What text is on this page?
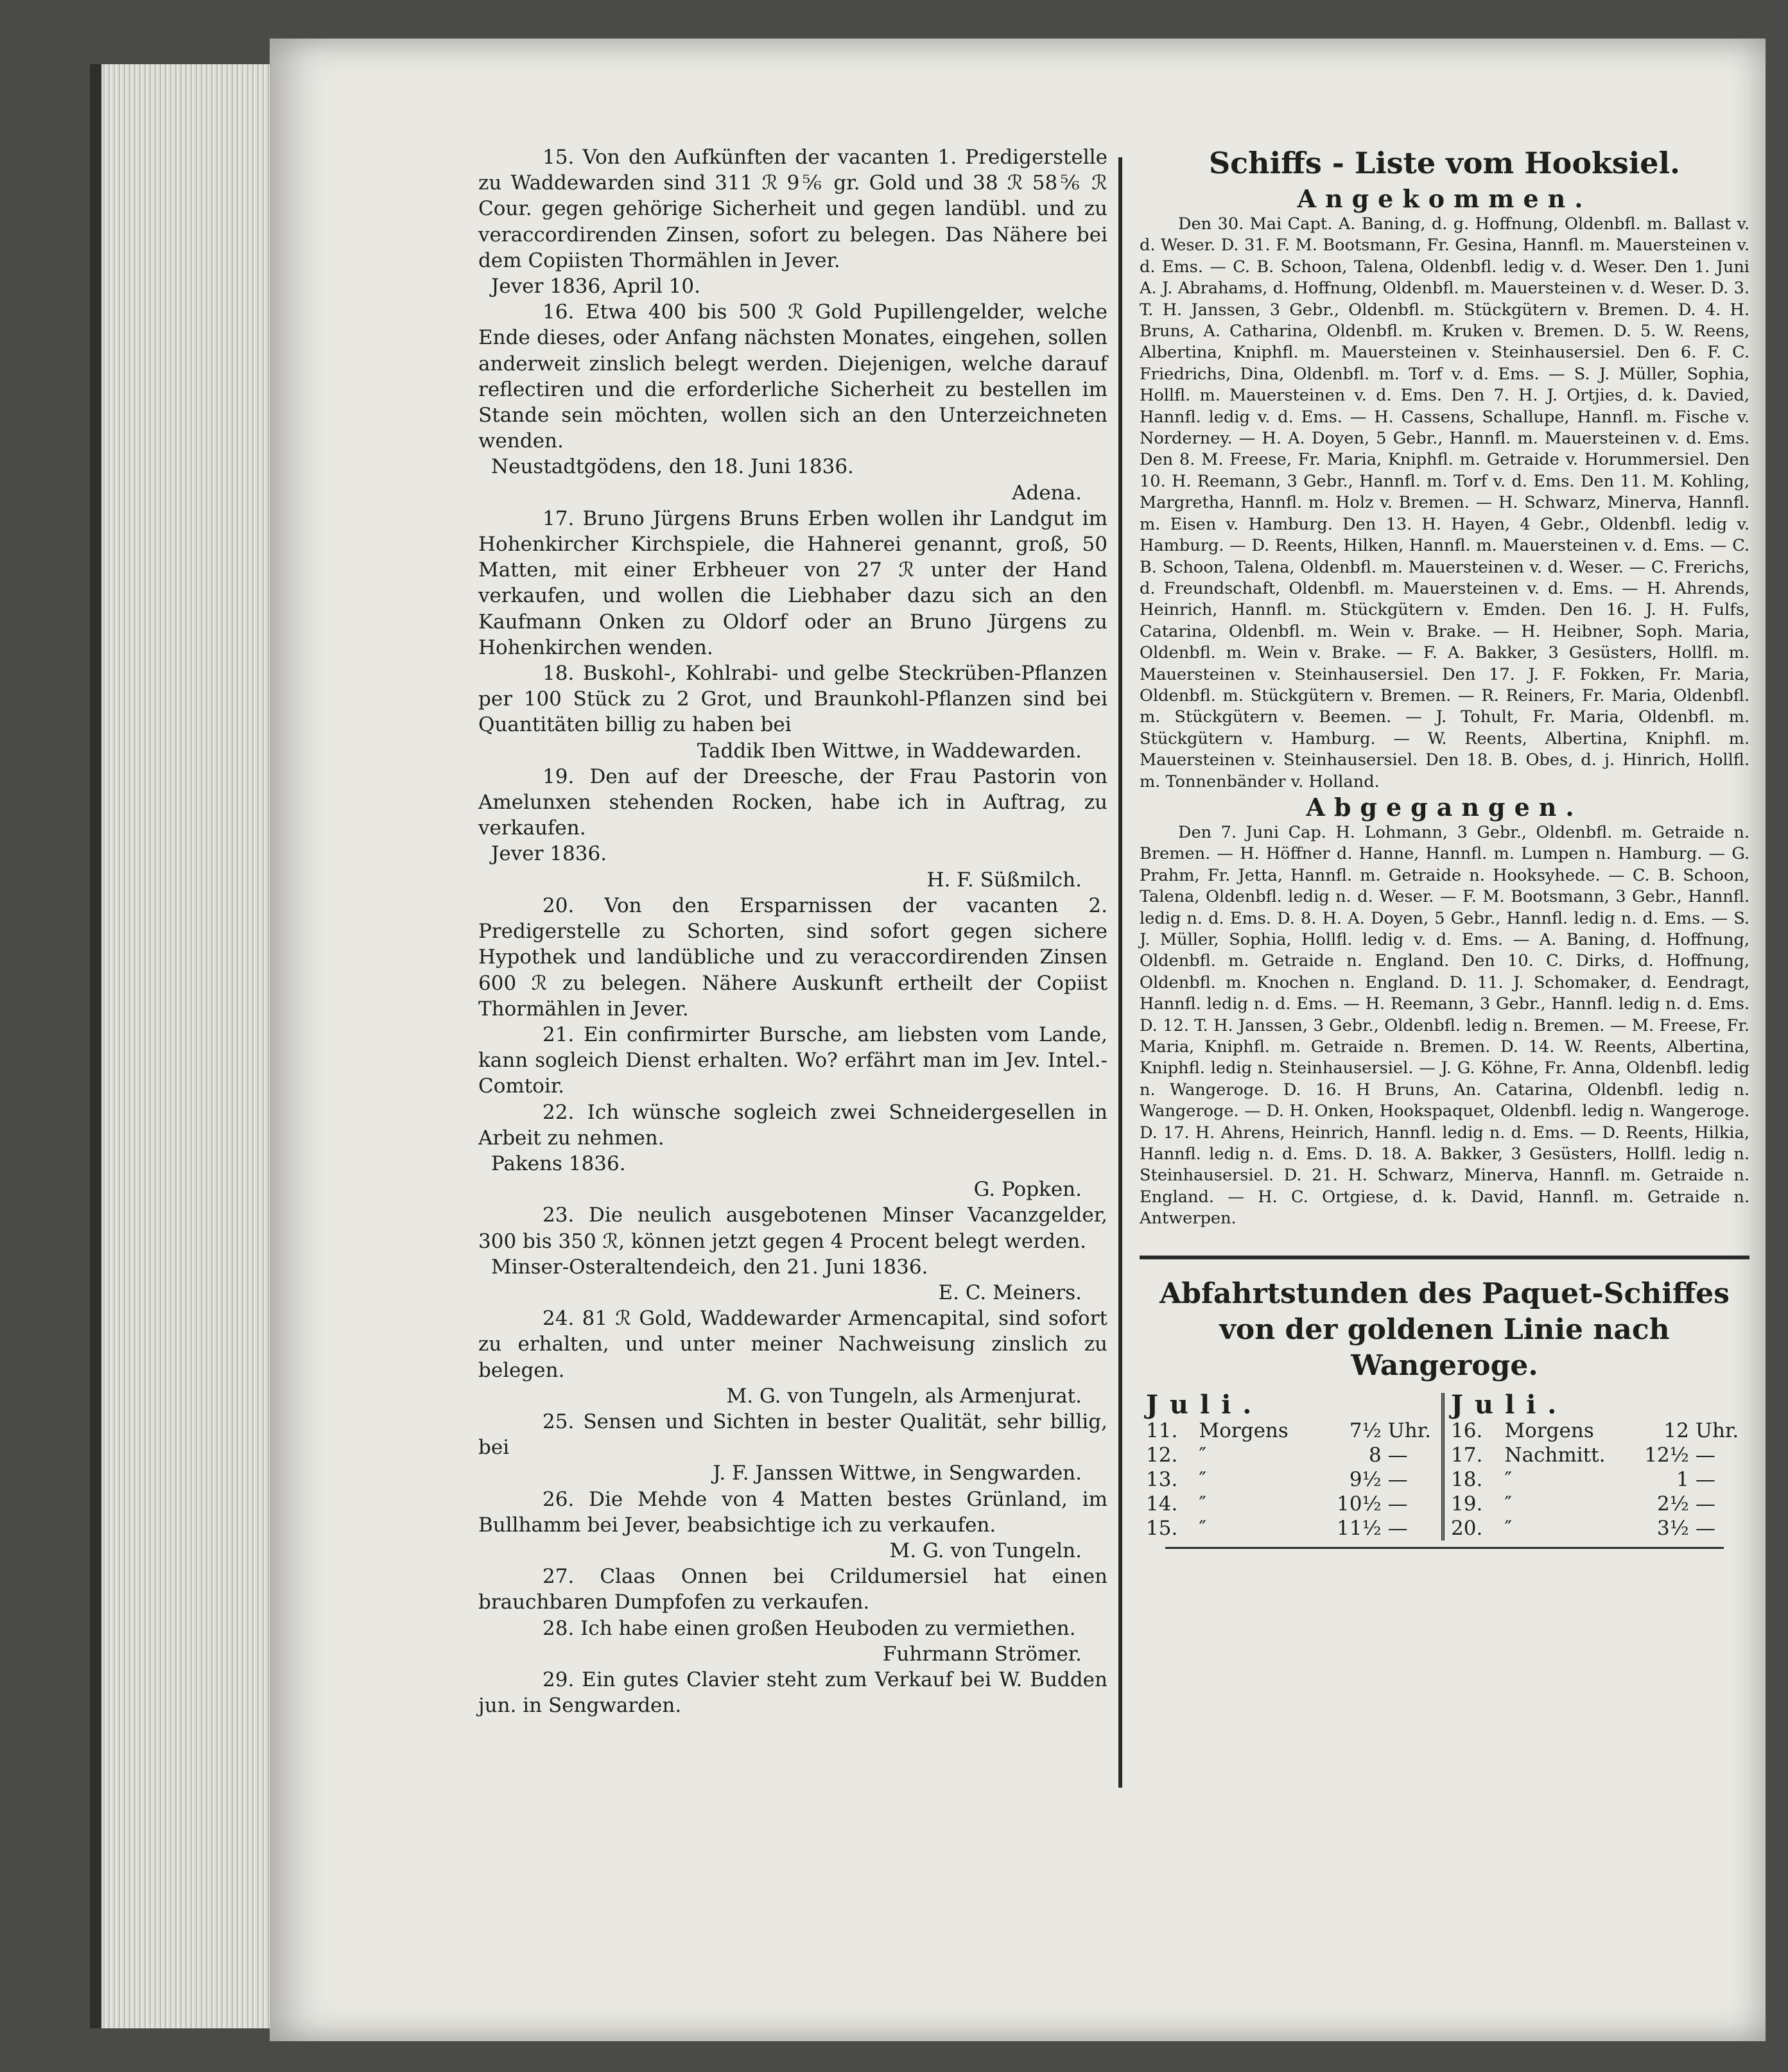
15. Von den Aufkünften der vacanten 1. Predigerstelle zu Waddewarden sind 311 ℛ 9⅚ gr. Gold und 38 ℛ 58⅚ ℛ Cour. gegen gehörige Sicherheit und gegen landübl. und zu veraccordirenden Zinsen, sofort zu belegen. Das Nähere bei dem Copiisten Thormählen in Jever.

Jever 1836, April 10.

16. Etwa 400 bis 500 ℛ Gold Pupillengelder, welche Ende dieses, oder Anfang nächsten Monates, eingehen, sollen anderweit zinslich belegt werden. Diejenigen, welche darauf reflectiren und die erforderliche Sicherheit zu bestellen im Stande sein möchten, wollen sich an den Unterzeichneten wenden.

Neustadtgödens, den 18. Juni 1836.

Adena.

17. Bruno Jürgens Bruns Erben wollen ihr Landgut im Hohenkircher Kirchspiele, die Hahnerei genannt, groß, 50 Matten, mit einer Erbheuer von 27 ℛ unter der Hand verkaufen, und wollen die Liebhaber dazu sich an den Kaufmann Onken zu Oldorf oder an Bruno Jürgens zu Hohenkirchen wenden.

18. Buskohl-, Kohlrabi- und gelbe Steckrüben-Pflanzen per 100 Stück zu 2 Grot, und Braunkohl-Pflanzen sind bei Quantitäten billig zu haben bei

Taddik Iben Wittwe, in Waddewarden.

19. Den auf der Dreesche, der Frau Pastorin von Amelunxen stehenden Rocken, habe ich in Auftrag, zu verkaufen.

Jever 1836.

H. F. Süßmilch.

20. Von den Ersparnissen der vacanten 2. Predigerstelle zu Schorten, sind sofort gegen sichere Hypothek und landübliche und zu veraccordirenden Zinsen 600 ℛ zu belegen. Nähere Auskunft ertheilt der Copiist Thormählen in Jever.

21. Ein confirmirter Bursche, am liebsten vom Lande, kann sogleich Dienst erhalten. Wo? erfährt man im Jev. Intel.-Comtoir.

22. Ich wünsche sogleich zwei Schneidergesellen in Arbeit zu nehmen.

Pakens 1836.

G. Popken.

23. Die neulich ausgebotenen Minser Vacanzgelder, 300 bis 350 ℛ, können jetzt gegen 4 Procent belegt werden.

Minser-Osteraltendeich, den 21. Juni 1836.

E. C. Meiners.

24. 81 ℛ Gold, Waddewarder Armencapital, sind sofort zu erhalten, und unter meiner Nachweisung zinslich zu belegen.

M. G. von Tungeln, als Armenjurat.

25. Sensen und Sichten in bester Qualität, sehr billig, bei

J. F. Janssen Wittwe, in Sengwarden.

26. Die Mehde von 4 Matten bestes Grünland, im Bullhamm bei Jever, beabsichtige ich zu verkaufen.

M. G. von Tungeln.

27. Claas Onnen bei Crildumersiel hat einen brauchbaren Dumpfofen zu verkaufen.

28. Ich habe einen großen Heuboden zu vermiethen.

Fuhrmann Strömer.

29. Ein gutes Clavier steht zum Verkauf bei W. Budden jun. in Sengwarden.

Schiffs - Liste vom Hooksiel.

Angekommen.

Den 30. Mai Capt. A. Baning, d. g. Hoffnung, Oldenbfl. m. Ballast v. d. Weser. D. 31. F. M. Bootsmann, Fr. Gesina, Hannfl. m. Mauersteinen v. d. Ems. — C. B. Schoon, Talena, Oldenbfl. ledig v. d. Weser. Den 1. Juni A. J. Abrahams, d. Hoffnung, Oldenbfl. m. Mauersteinen v. d. Weser. D. 3. T. H. Janssen, 3 Gebr., Oldenbfl. m. Stückgütern v. Bremen. D. 4. H. Bruns, A. Catharina, Oldenbfl. m. Kruken v. Bremen. D. 5. W. Reens, Albertina, Kniphfl. m. Mauersteinen v. Steinhausersiel. Den 6. F. C. Friedrichs, Dina, Oldenbfl. m. Torf v. d. Ems. — S. J. Müller, Sophia, Hollfl. m. Mauersteinen v. d. Ems. Den 7. H. J. Ortjies, d. k. Davied, Hannfl. ledig v. d. Ems. — H. Cassens, Schallupe, Hannfl. m. Fische v. Norderney. — H. A. Doyen, 5 Gebr., Hannfl. m. Mauersteinen v. d. Ems. Den 8. M. Freese, Fr. Maria, Kniphfl. m. Getraide v. Horummersiel. Den 10. H. Reemann, 3 Gebr., Hannfl. m. Torf v. d. Ems. Den 11. M. Kohling, Margretha, Hannfl. m. Holz v. Bremen. — H. Schwarz, Minerva, Hannfl. m. Eisen v. Hamburg. Den 13. H. Hayen, 4 Gebr., Oldenbfl. ledig v. Hamburg. — D. Reents, Hilken, Hannfl. m. Mauersteinen v. d. Ems. — C. B. Schoon, Talena, Oldenbfl. m. Mauersteinen v. d. Weser. — C. Frerichs, d. Freundschaft, Oldenbfl. m. Mauersteinen v. d. Ems. — H. Ahrends, Heinrich, Hannfl. m. Stückgütern v. Emden. Den 16. J. H. Fulfs, Catarina, Oldenbfl. m. Wein v. Brake. — H. Heibner, Soph. Maria, Oldenbfl. m. Wein v. Brake. — F. A. Bakker, 3 Gesüsters, Hollfl. m. Mauersteinen v. Steinhausersiel. Den 17. J. F. Fokken, Fr. Maria, Oldenbfl. m. Stückgütern v. Bremen. — R. Reiners, Fr. Maria, Oldenbfl. m. Stückgütern v. Beemen. — J. Tohult, Fr. Maria, Oldenbfl. m. Stückgütern v. Hamburg. — W. Reents, Albertina, Kniphfl. m. Mauersteinen v. Steinhausersiel. Den 18. B. Obes, d. j. Hinrich, Hollfl. m. Tonnenbänder v. Holland.

Abgegangen.

Den 7. Juni Cap. H. Lohmann, 3 Gebr., Oldenbfl. m. Getraide n. Bremen. — H. Höffner d. Hanne, Hannfl. m. Lumpen n. Hamburg. — G. Prahm, Fr. Jetta, Hannfl. m. Getraide n. Hooksyhede. — C. B. Schoon, Talena, Oldenbfl. ledig n. d. Weser. — F. M. Bootsmann, 3 Gebr., Hannfl. ledig n. d. Ems. D. 8. H. A. Doyen, 5 Gebr., Hannfl. ledig n. d. Ems. — S. J. Müller, Sophia, Hollfl. ledig v. d. Ems. — A. Baning, d. Hoffnung, Oldenbfl. m. Getraide n. England. Den 10. C. Dirks, d. Hoffnung, Oldenbfl. m. Knochen n. England. D. 11. J. Schomaker, d. Eendragt, Hannfl. ledig n. d. Ems. — H. Reemann, 3 Gebr., Hannfl. ledig n. d. Ems. D. 12. T. H. Janssen, 3 Gebr., Oldenbfl. ledig n. Bremen. — M. Freese, Fr. Maria, Kniphfl. m. Getraide n. Bremen. D. 14. W. Reents, Albertina, Kniphfl. ledig n. Steinhausersiel. — J. G. Köhne, Fr. Anna, Oldenbfl. ledig n. Wangeroge. D. 16. H Bruns, An. Catarina, Oldenbfl. ledig n. Wangeroge. — D. H. Onken, Hookspaquet, Oldenbfl. ledig n. Wangeroge. D. 17. H. Ahrens, Heinrich, Hannfl. ledig n. d. Ems. — D. Reents, Hilkia, Hannfl. ledig n. d. Ems. D. 18. A. Bakker, 3 Gesüsters, Hollfl. ledig n. Steinhausersiel. D. 21. H. Schwarz, Minerva, Hannfl. m. Getraide n. England. — H. C. Ortgiese, d. k. David, Hannfl. m. Getraide n. Antwerpen.

Abfahrtstunden des Paquet-Schiffes

von der goldenen Linie nach Wangeroge.

Juli.
11.	Morgens	7½ Uhr.
12.	″	8 —
13.	″	9½ —
14.	″	10½ —
15.	″	11½ —
Juli.
16.	Morgens	12 Uhr.
17.	Nachmitt.	12½ —
18.	″	1 —
19.	″	2½ —
20.	″	3½ —
